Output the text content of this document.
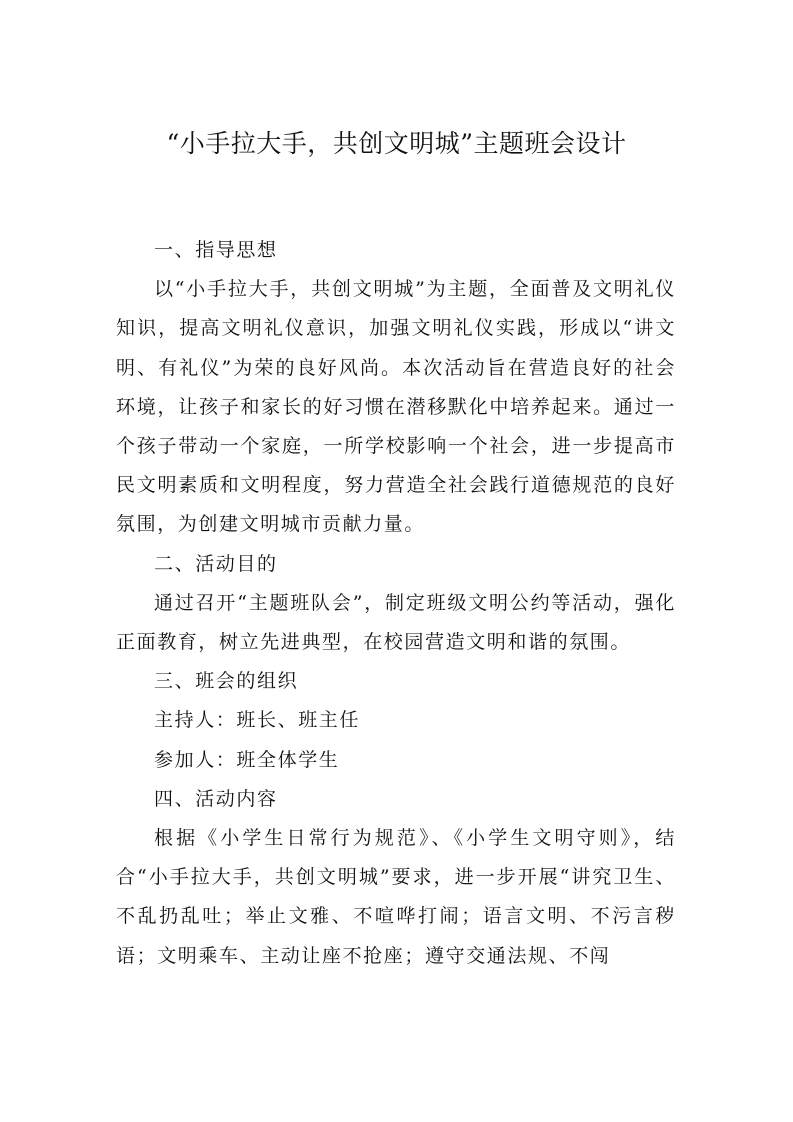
“小手拉大手，共创文明城”主题班会设计

一、指导思想

以“小手拉大手，共创文明城”为主题，全面普及文明礼仪知识，提高文明礼仪意识，加强文明礼仪实践，形成以“讲文明、有礼仪”为荣的良好风尚。本次活动旨在营造良好的社会环境，让孩子和家长的好习惯在潜移默化中培养起来。通过一个孩子带动一个家庭，一所学校影响一个社会，进一步提高市民文明素质和文明程度，努力营造全社会践行道德规范的良好氛围，为创建文明城市贡献力量。

二、活动目的

通过召开“主题班队会”，制定班级文明公约等活动，强化正面教育，树立先进典型，在校园营造文明和谐的氛围。

三、班会的组织

主持人：班长、班主任

参加人：班全体学生

四、活动内容

根据《小学生日常行为规范》、《小学生文明守则》，结合“小手拉大手，共创文明城”要求，进一步开展“讲究卫生、不乱扔乱吐；举止文雅、不喧哗打闹；语言文明、不污言秽语；文明乘车、主动让座不抢座；遵守交通法规、不闯
